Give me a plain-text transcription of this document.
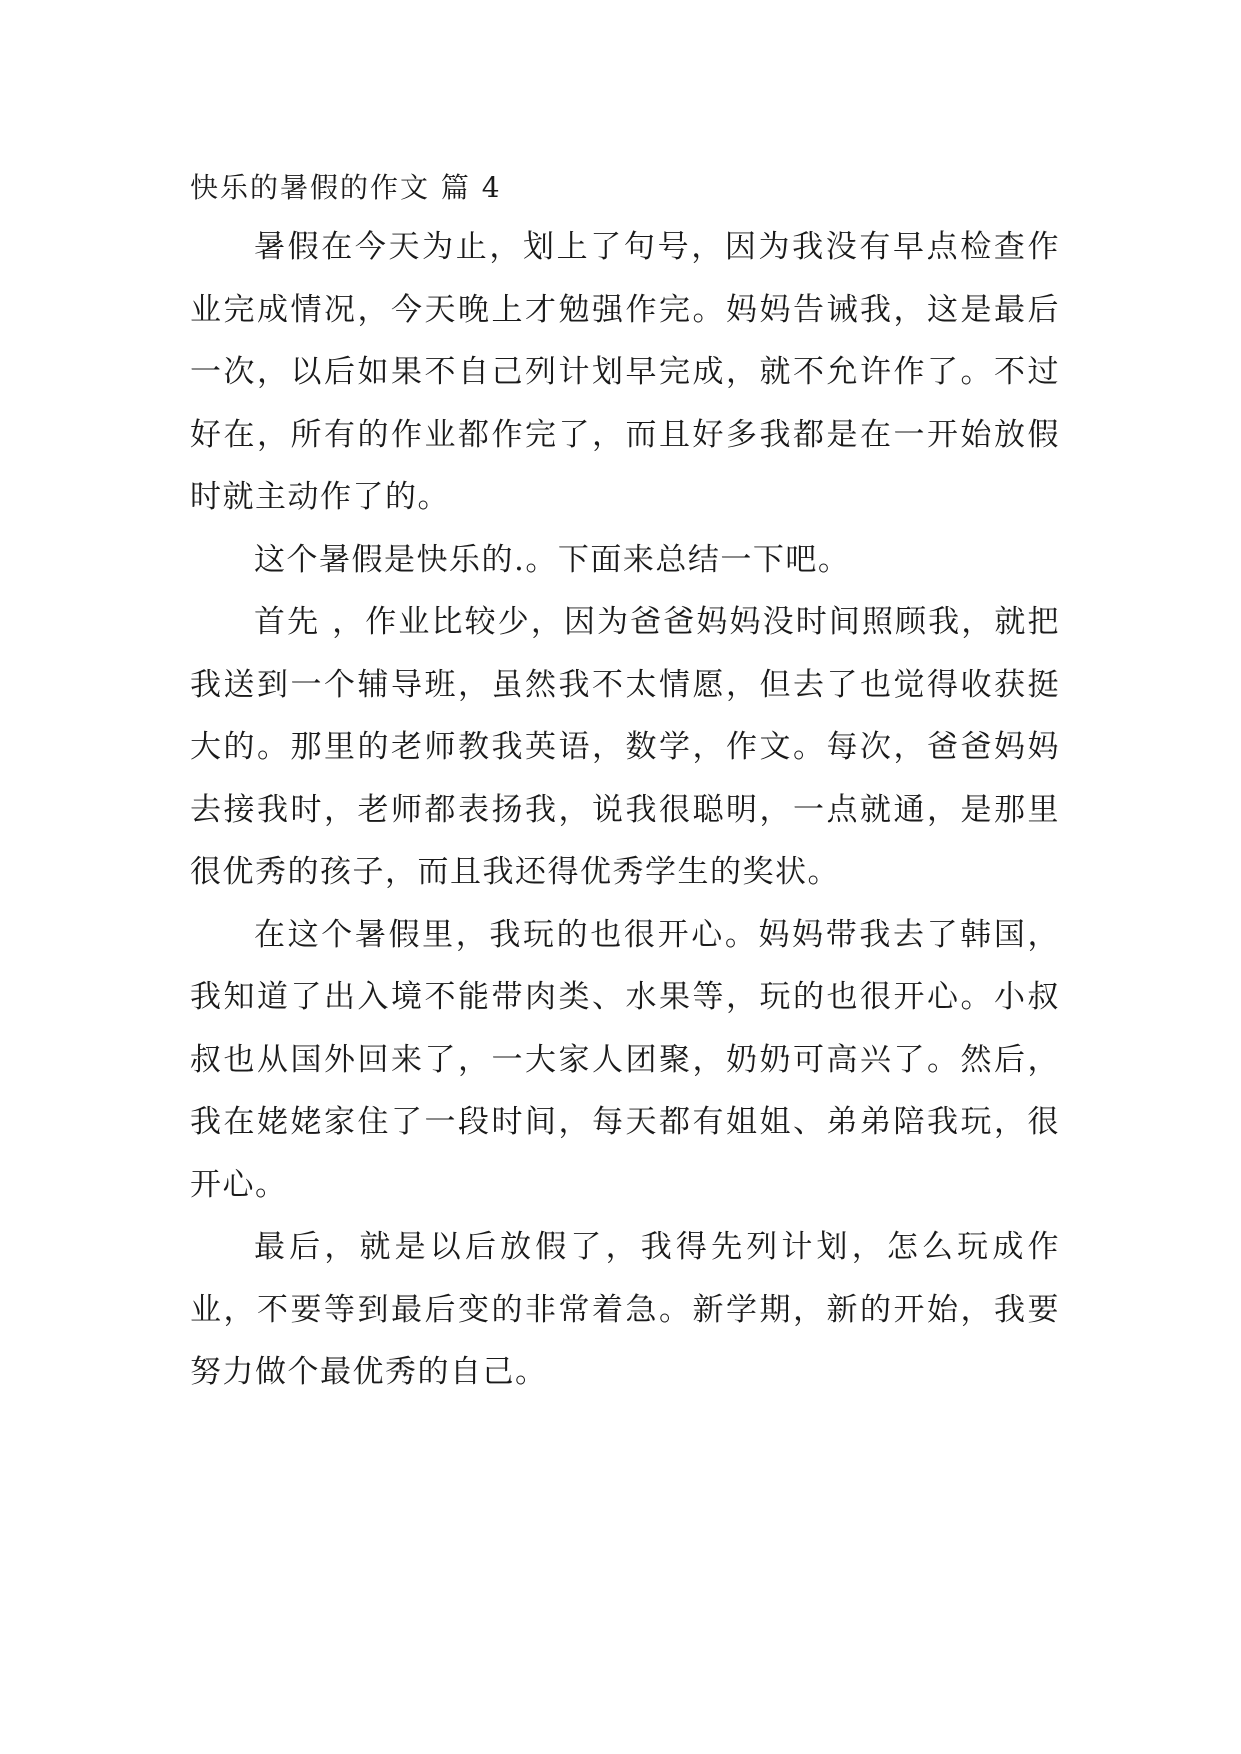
快乐的暑假的作文 篇 4

暑假在今天为止，划上了句号，因为我没有早点检查作业完成情况，今天晚上才勉强作完。妈妈告诫我，这是最后一次，以后如果不自己列计划早完成，就不允许作了。不过好在，所有的作业都作完了，而且好多我都是在一开始放假时就主动作了的。

这个暑假是快乐的.。下面来总结一下吧。

首先 ，作业比较少，因为爸爸妈妈没时间照顾我，就把我送到一个辅导班，虽然我不太情愿，但去了也觉得收获挺大的。那里的老师教我英语，数学，作文。每次，爸爸妈妈去接我时，老师都表扬我，说我很聪明，一点就通，是那里很优秀的孩子，而且我还得优秀学生的奖状。

在这个暑假里，我玩的也很开心。妈妈带我去了韩国，我知道了出入境不能带肉类、水果等，玩的也很开心。小叔叔也从国外回来了，一大家人团聚，奶奶可高兴了。然后，我在姥姥家住了一段时间，每天都有姐姐、弟弟陪我玩，很开心。

最后，就是以后放假了，我得先列计划，怎么玩成作业，不要等到最后变的非常着急。新学期，新的开始，我要努力做个最优秀的自己。
